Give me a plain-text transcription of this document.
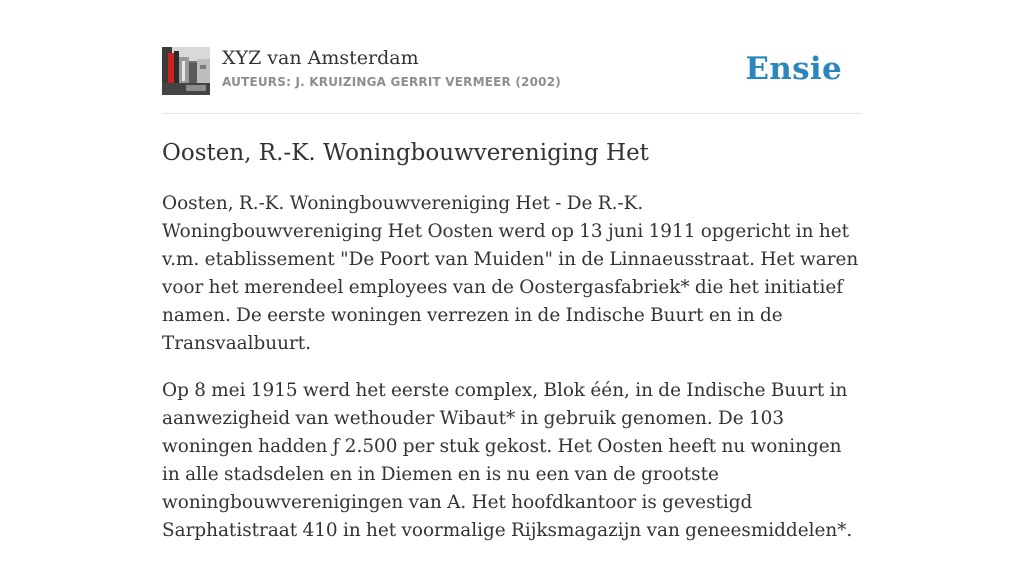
XYZ van Amsterdam
AUTEURS: J. KRUIZINGA GERRIT VERMEER (2002)	Ensie
Oosten, R.-K. Woningbouwvereniging Het

Oosten, R.-K. Woningbouwvereniging Het - De R.-K. Woningbouwvereniging Het Oosten werd op 13 juni 1911 opgericht in het v.m. etablissement "De Poort van Muiden" in de Linnaeusstraat. Het waren voor het merendeel employees van de Oostergasfabriek* die het initiatief namen. De eerste woningen verrezen in de Indische Buurt en in de Transvaalbuurt.

Op 8 mei 1915 werd het eerste complex, Blok één, in de Indische Buurt in aanwezigheid van wethouder Wibaut* in gebruik genomen. De 103 woningen hadden ƒ 2.500 per stuk gekost. Het Oosten heeft nu woningen in alle stadsdelen en in Diemen en is nu een van de grootste woningbouwverenigingen van A. Het hoofdkantoor is gevestigd Sarphatistraat 410 in het voormalige Rijksmagazijn van geneesmiddelen*.
